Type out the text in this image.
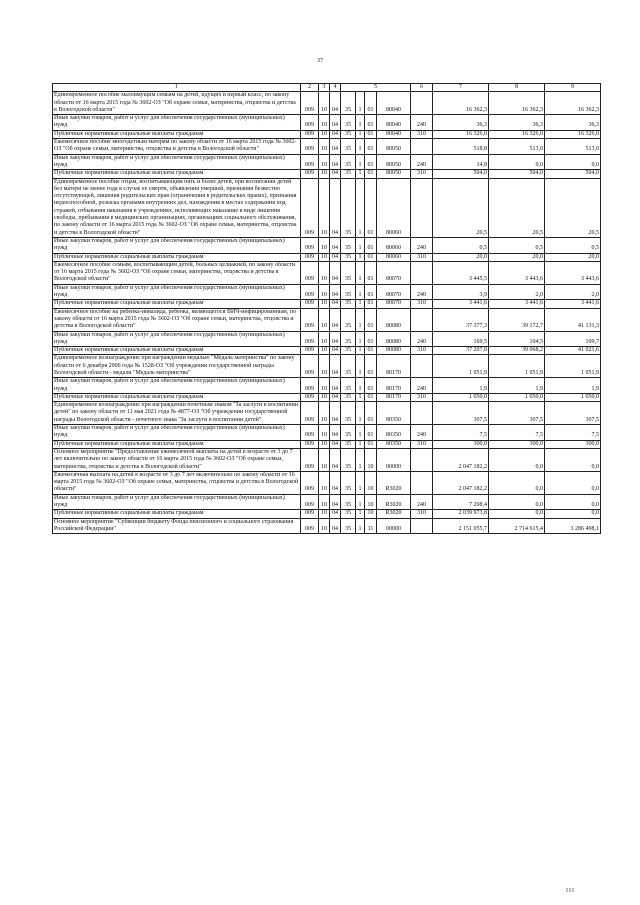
37
1	2	3	4	5				6	7	8	9
Единовременное пособие малоимущим семьям на детей, идущих в первый класс, по закону области от 16 марта 2015 года № 3602-ОЗ "Об охране семьи, материнства, отцовства и детства в Вологодской области"	009	10	04	35	1	01	80040		16 362,3	16 362,3	16 362,3
Иные закупки товаров, работ и услуг для обеспечения государственных (муниципальных) нужд	009	10	04	35	1	01	80040	240	36,3	36,3	36,3
Публичные нормативные социальные выплаты гражданам	009	10	04	35	1	01	80040	310	16 326,0	16 326,0	16 326,0
Ежемесячное пособие многодетным матерям по закону области от 16 марта 2015 года № 3602-ОЗ "Об охране семьи, материнства, отцовства и детства в Вологодской области"	009	10	04	35	1	01	80050		518,8	513,0	513,0
Иные закупки товаров, работ и услуг для обеспечения государственных (муниципальных) нужд	009	10	04	35	1	01	80050	240	14,8	9,0	9,0
Публичные нормативные социальные выплаты гражданам	009	10	04	35	1	01	80050	310	504,0	504,0	504,0
Единовременное пособие отцам, воспитывающим пять и более детей, при воспитании детей без матери не менее года в случае ее смерти, объявления умершей, признания безвестно отсутствующей, лишения родительских прав (ограничения в родительских правах), признания недееспособной, розыска органами внутренних дел, нахождения в местах содержания под стражей, отбывания наказания в учреждениях, исполняющих наказание в виде лишения свободы, пребывания в медицинских организациях, организациях социального обслуживания, по закону области от 16 марта 2015 года № 3602-ОЗ "Об охране семьи, материнства, отцовства и детства в Вологодской области"	009	10	04	35	1	01	80060		20,5	20,5	20,5
Иные закупки товаров, работ и услуг для обеспечения государственных (муниципальных) нужд	009	10	04	35	1	01	80060	240	0,5	0,5	0,5
Публичные нормативные социальные выплаты гражданам	009	10	04	35	1	01	80060	310	20,0	20,0	20,0
Ежемесячное пособие семьям, воспитывающим детей, больных целиакией, по закону области от 16 марта 2015 года № 3602-ОЗ "Об охране семьи, материнства, отцовства и детства в Вологодской области"	009	10	04	35	1	01	80070		3 445,5	3 443,6	3 443,6
Иные закупки товаров, работ и услуг для обеспечения государственных (муниципальных) нужд	009	10	04	35	1	01	80070	240	3,9	2,0	2,0
Публичные нормативные социальные выплаты гражданам	009	10	04	35	1	01	80070	310	3 441,6	3 441,6	3 441,6
Ежемесячное пособие на ребенка-инвалида, ребенка, являющегося ВИЧ-инфицированным, по закону области от 16 марта 2015 года № 3602-ОЗ "Об охране семьи, материнства, отцовства и детства в Вологодской области"	009	10	04	35	1	01	80080		37 377,3	39 172,7	41 131,3
Иные закупки товаров, работ и услуг для обеспечения государственных (муниципальных) нужд	009	10	04	35	1	01	80080	240	169,5	104,5	109,7
Публичные нормативные социальные выплаты гражданам	009	10	04	35	1	01	80080	310	37 207,8	39 068,2	41 021,6
Единовременное вознаграждение при награждении медалью "Медаль материнства" по закону области от 6 декабря 2006 года № 1528-ОЗ "Об учреждении государственной награды Вологодской области - медали "Медаль материнства"	009	10	04	35	1	01	80170		1 051,9	1 051,9	1 051,9
Иные закупки товаров, работ и услуг для обеспечения государственных (муниципальных) нужд	009	10	04	35	1	01	80170	240	1,9	1,9	1,9
Публичные нормативные социальные выплаты гражданам	009	10	04	35	1	01	80170	310	1 050,0	1 050,0	1 050,0
Единовременное вознаграждение при награждении почетным знаком "За заслуги в воспитании детей" по закону области от 11 мая 2021 года № 4877-ОЗ "Об учреждении государственной награды Вологодской области - почетного знака "За заслуги в воспитании детей"	009	10	04	35	1	01	80350		307,5	307,5	307,5
Иные закупки товаров, работ и услуг для обеспечения государственных (муниципальных) нужд	009	10	04	35	1	01	80350	240	7,5	7,5	7,5
Публичные нормативные социальные выплаты гражданам	009	10	04	35	1	01	80350	310	300,0	300,0	300,0
Основное мероприятие "Предоставление ежемесячной выплаты на детей в возрасте от 3 до 7 лет включительно по закону области от 16 марта 2015 года № 3602-ОЗ "Об охране семьи, материнства, отцовства и детства в Вологодской области"	009	10	04	35	1	10	00000		2 047 182,2	0,0	0,0
Ежемесячная выплата на детей в возрасте от 3 до 7 лет включительно по закону области от 16 марта 2015 года № 3602-ОЗ "Об охране семьи, материнства, отцовства и детства в Вологодской области"	009	10	04	35	1	10	R3020		2 047 182,2	0,0	0,0
Иные закупки товаров, работ и услуг для обеспечения государственных (муниципальных) нужд	009	10	04	35	1	10	R3020	240	7 208,4	0,0	0,0
Публичные нормативные социальные выплаты гражданам	009	10	04	35	1	10	R3020	310	2 039 973,8	0,0	0,0
Основное мероприятие "Субвенции бюджету Фонда пенсионного и социального страхования Российской Федерации"	009	10	04	35	1	11	00000		2 151 055,7	2 714 615,4	3 286 498,1
III
